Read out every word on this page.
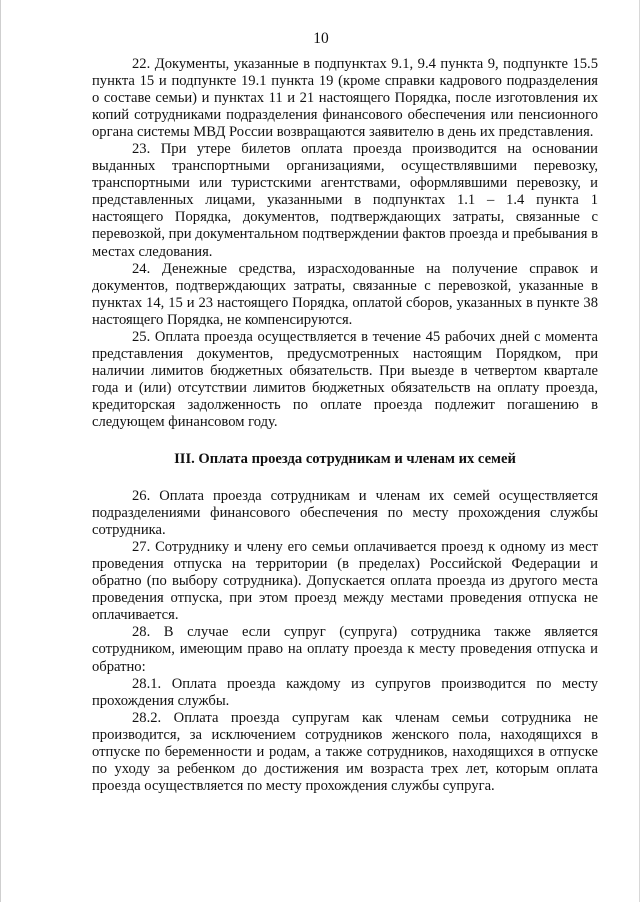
10

22. Документы, указанные в подпунктах 9.1, 9.4 пункта 9, подпункте 15.5 пункта 15 и подпункте 19.1 пункта 19 (кроме справки кадрового подразделения о составе семьи) и пунктах 11 и 21 настоящего Порядка, после изготовления их копий сотрудниками подразделения финансового обеспечения или пенсионного органа системы МВД России возвращаются заявителю в день их представления.

23. При утере билетов оплата проезда производится на основании выданных транспортными организациями, осуществлявшими перевозку, транспортными или туристскими агентствами, оформлявшими перевозку, и представленных лицами, указанными в подпунктах 1.1 – 1.4 пункта 1 настоящего Порядка, документов, подтверждающих затраты, связанные с перевозкой, при документальном подтверждении фактов проезда и пребывания в местах следования.

24. Денежные средства, израсходованные на получение справок и документов, подтверждающих затраты, связанные с перевозкой, указанные в пунктах 14, 15 и 23 настоящего Порядка, оплатой сборов, указанных в пункте 38 настоящего Порядка, не компенсируются.

25. Оплата проезда осуществляется в течение 45 рабочих дней с момента представления документов, предусмотренных настоящим Порядком, при наличии лимитов бюджетных обязательств. При выезде в четвертом квартале года и (или) отсутствии лимитов бюджетных обязательств на оплату проезда, кредиторская задолженность по оплате проезда подлежит погашению в следующем финансовом году.

III. Оплата проезда сотрудникам и членам их семей

26. Оплата проезда сотрудникам и членам их семей осуществляется подразделениями финансового обеспечения по месту прохождения службы сотрудника.

27. Сотруднику и члену его семьи оплачивается проезд к одному из мест проведения отпуска на территории (в пределах) Российской Федерации и обратно (по выбору сотрудника). Допускается оплата проезда из другого места проведения отпуска, при этом проезд между местами проведения отпуска не оплачивается.

28. В случае если супруг (супруга) сотрудника также является сотрудником, имеющим право на оплату проезда к месту проведения отпуска и обратно:

28.1. Оплата проезда каждому из супругов производится по месту прохождения службы.

28.2. Оплата проезда супругам как членам семьи сотрудника не производится, за исключением сотрудников женского пола, находящихся в отпуске по беременности и родам, а также сотрудников, находящихся в отпуске по уходу за ребенком до достижения им возраста трех лет, которым оплата проезда осуществляется по месту прохождения службы супруга.
